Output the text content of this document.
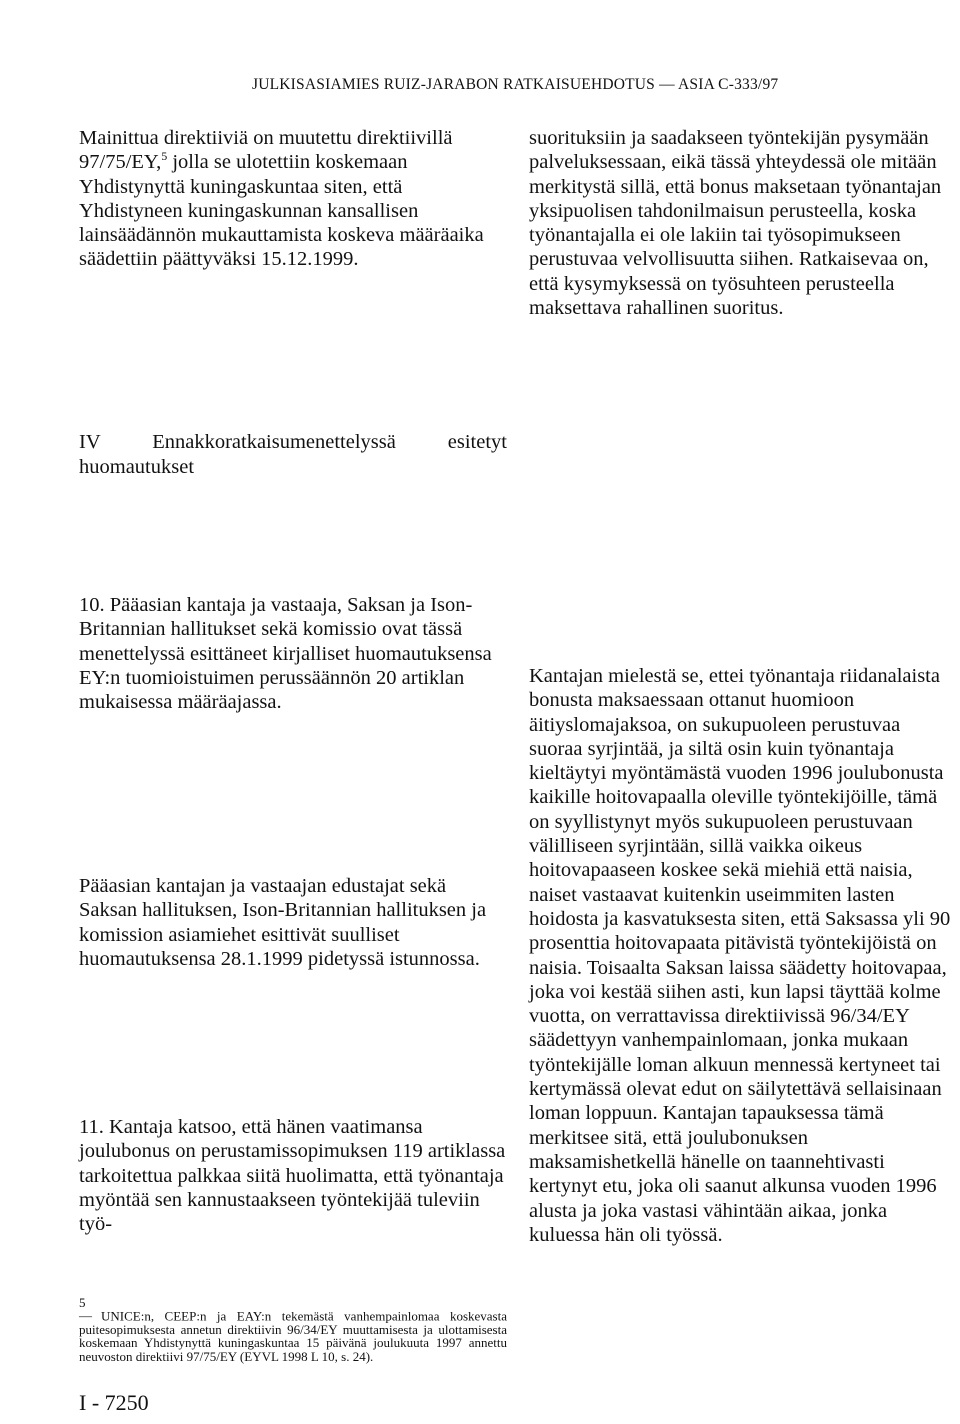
JULKISASIAMIES RUIZ-JARABON RATKAISUEHDOTUS — ASIA C-333/97

Mainittua direktiiviä on muutettu direktiivillä 97/75/EY,$^5$ jolla se ulotettiin koskemaan Yhdistynyttä kuningaskuntaa siten, että Yhdistyneen kuningaskunnan kansallisen lainsäädännön mukauttamista koskeva määräaika säädettiin päättyväksi 15.12.1999.

suorituksiin ja saadakseen työntekijän pysymään palveluksessaan, eikä tässä yhteydessä ole mitään merkitystä sillä, että bonus maksetaan työnantajan yksipuolisen tahdonilmaisun perusteella, koska työnantajalla ei ole lakiin tai työsopimukseen perustuvaa velvollisuutta siihen. Ratkaisevaa on, että kysymyksessä on työsuhteen perusteella maksettava rahallinen suoritus.

IV Ennakkoratkaisumenettelyssä esitetyt huomautukset

10. Pääasian kantaja ja vastaaja, Saksan ja Ison-Britannian hallitukset sekä komissio ovat tässä menettelyssä esittäneet kirjalliset huomautuksensa EY:n tuomioistuimen perussäännön 20 artiklan mukaisessa määräajassa.

Pääasian kantajan ja vastaajan edustajat sekä Saksan hallituksen, Ison-Britannian hallituksen ja komission asiamiehet esittivät suulliset huomautuksensa 28.1.1999 pidetyssä istunnossa.

11. Kantaja katsoo, että hänen vaatimansa joulubonus on perustamissopimuksen 119 artiklassa tarkoitettua palkkaa siitä huolimatta, että työnantaja myöntää sen kannustaakseen työntekijää tuleviin työ-

Kantajan mielestä se, ettei työnantaja riidanalaista bonusta maksaessaan ottanut huomioon äitiyslomajaksoa, on sukupuoleen perustuvaa suoraa syrjintää, ja siltä osin kuin työnantaja kieltäytyi myöntämästä vuoden 1996 joulubonusta kaikille hoitovapaalla oleville työntekijöille, tämä on syyllistynyt myös sukupuoleen perustuvaan välilliseen syrjintään, sillä vaikka oikeus hoitovapaaseen koskee sekä miehiä että naisia, naiset vastaavat kuitenkin useimmiten lasten hoidosta ja kasvatuksesta siten, että Saksassa yli 90 prosenttia hoitovapaata pitävistä työntekijöistä on naisia. Toisaalta Saksan laissa säädetty hoitovapaa, joka voi kestää siihen asti, kun lapsi täyttää kolme vuotta, on verrattavissa direktiivissä 96/34/EY säädettyyn vanhempainlomaan, jonka mukaan työntekijälle loman alkuun mennessä kertyneet tai kertymässä olevat edut on säilytettävä sellaisinaan loman loppuun. Kantajan tapauksessa tämä merkitsee sitä, että joulubonuksen maksamishetkellä hänelle on taannehtivasti kertynyt etu, joka oli saanut alkunsa vuoden 1996 alusta ja joka vastasi vähintään aikaa, jonka kuluessa hän oli työssä.

5 — UNICE:n, CEEP:n ja EAY:n tekemästä vanhempainlomaa koskevasta puitesopimuksesta annetun direktiivin 96/34/EY muuttamisesta ja ulottamisesta koskemaan Yhdistynyttä kuningaskuntaa 15 päivänä joulukuuta 1997 annettu neuvoston direktiivi 97/75/EY (EYVL 1998 L 10, s. 24).
I - 7250
